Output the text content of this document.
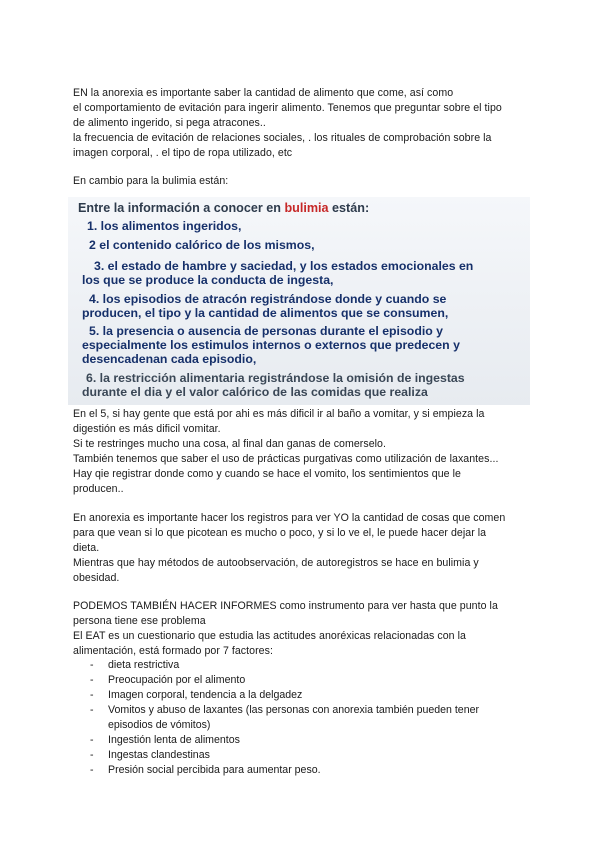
EN la anorexia es importante saber la cantidad de alimento que come, así como
el comportamiento de evitación para ingerir alimento. Tenemos que preguntar sobre el tipo
de alimento ingerido, si pega atracones..
la frecuencia de evitación de relaciones sociales, . los rituales de comprobación sobre la
imagen corporal, . el tipo de ropa utilizado, etc

En cambio para la bulimia están:

Entre la información a conocer en bulimia están:
1. los alimentos ingeridos,
2 el contenido calórico de los mismos,
3. el estado de hambre y saciedad, y los estados emocionales en
los que se produce la conducta de ingesta,
4. los episodios de atracón registrándose donde y cuando se
producen, el tipo y la cantidad de alimentos que se consumen,
5. la presencia o ausencia de personas durante el episodio y
especialmente los estimulos internos o externos que predecen y
desencadenan cada episodio,
6. la restricción alimentaria registrándose la omisión de ingestas
durante el dia y el valor calórico de las comidas que realiza

En el 5, si hay gente que está por ahi es más dificil ir al baño a vomitar, y si empieza la
digestión es más dificil vomitar.
Si te restringes mucho una cosa, al final dan ganas de comerselo.
También tenemos que saber el uso de prácticas purgativas como utilización de laxantes...
Hay qie registrar donde como y cuando se hace el vomito, los sentimientos que le
producen..

En anorexia es importante hacer los registros para ver YO la cantidad de cosas que comen
para que vean si lo que picotean es mucho o poco, y si lo ve el, le puede hacer dejar la
dieta.
Mientras que hay métodos de autoobservación, de autoregistros se hace en bulimia y
obesidad.

PODEMOS TAMBIÉN HACER INFORMES como instrumento para ver hasta que punto la
persona tiene ese problema
El EAT es un cuestionario que estudia las actitudes anoréxicas relacionadas con la
alimentación, está formado por 7 factores:

-	dieta restrictiva
-	Preocupación por el alimento
-	Imagen corporal, tendencia a la delgadez
-	Vomitos y abuso de laxantes (las personas con anorexia también pueden tener
episodios de vómitos)
-	Ingestión lenta de alimentos
-	Ingestas clandestinas
-	Presión social percibida para aumentar peso.
